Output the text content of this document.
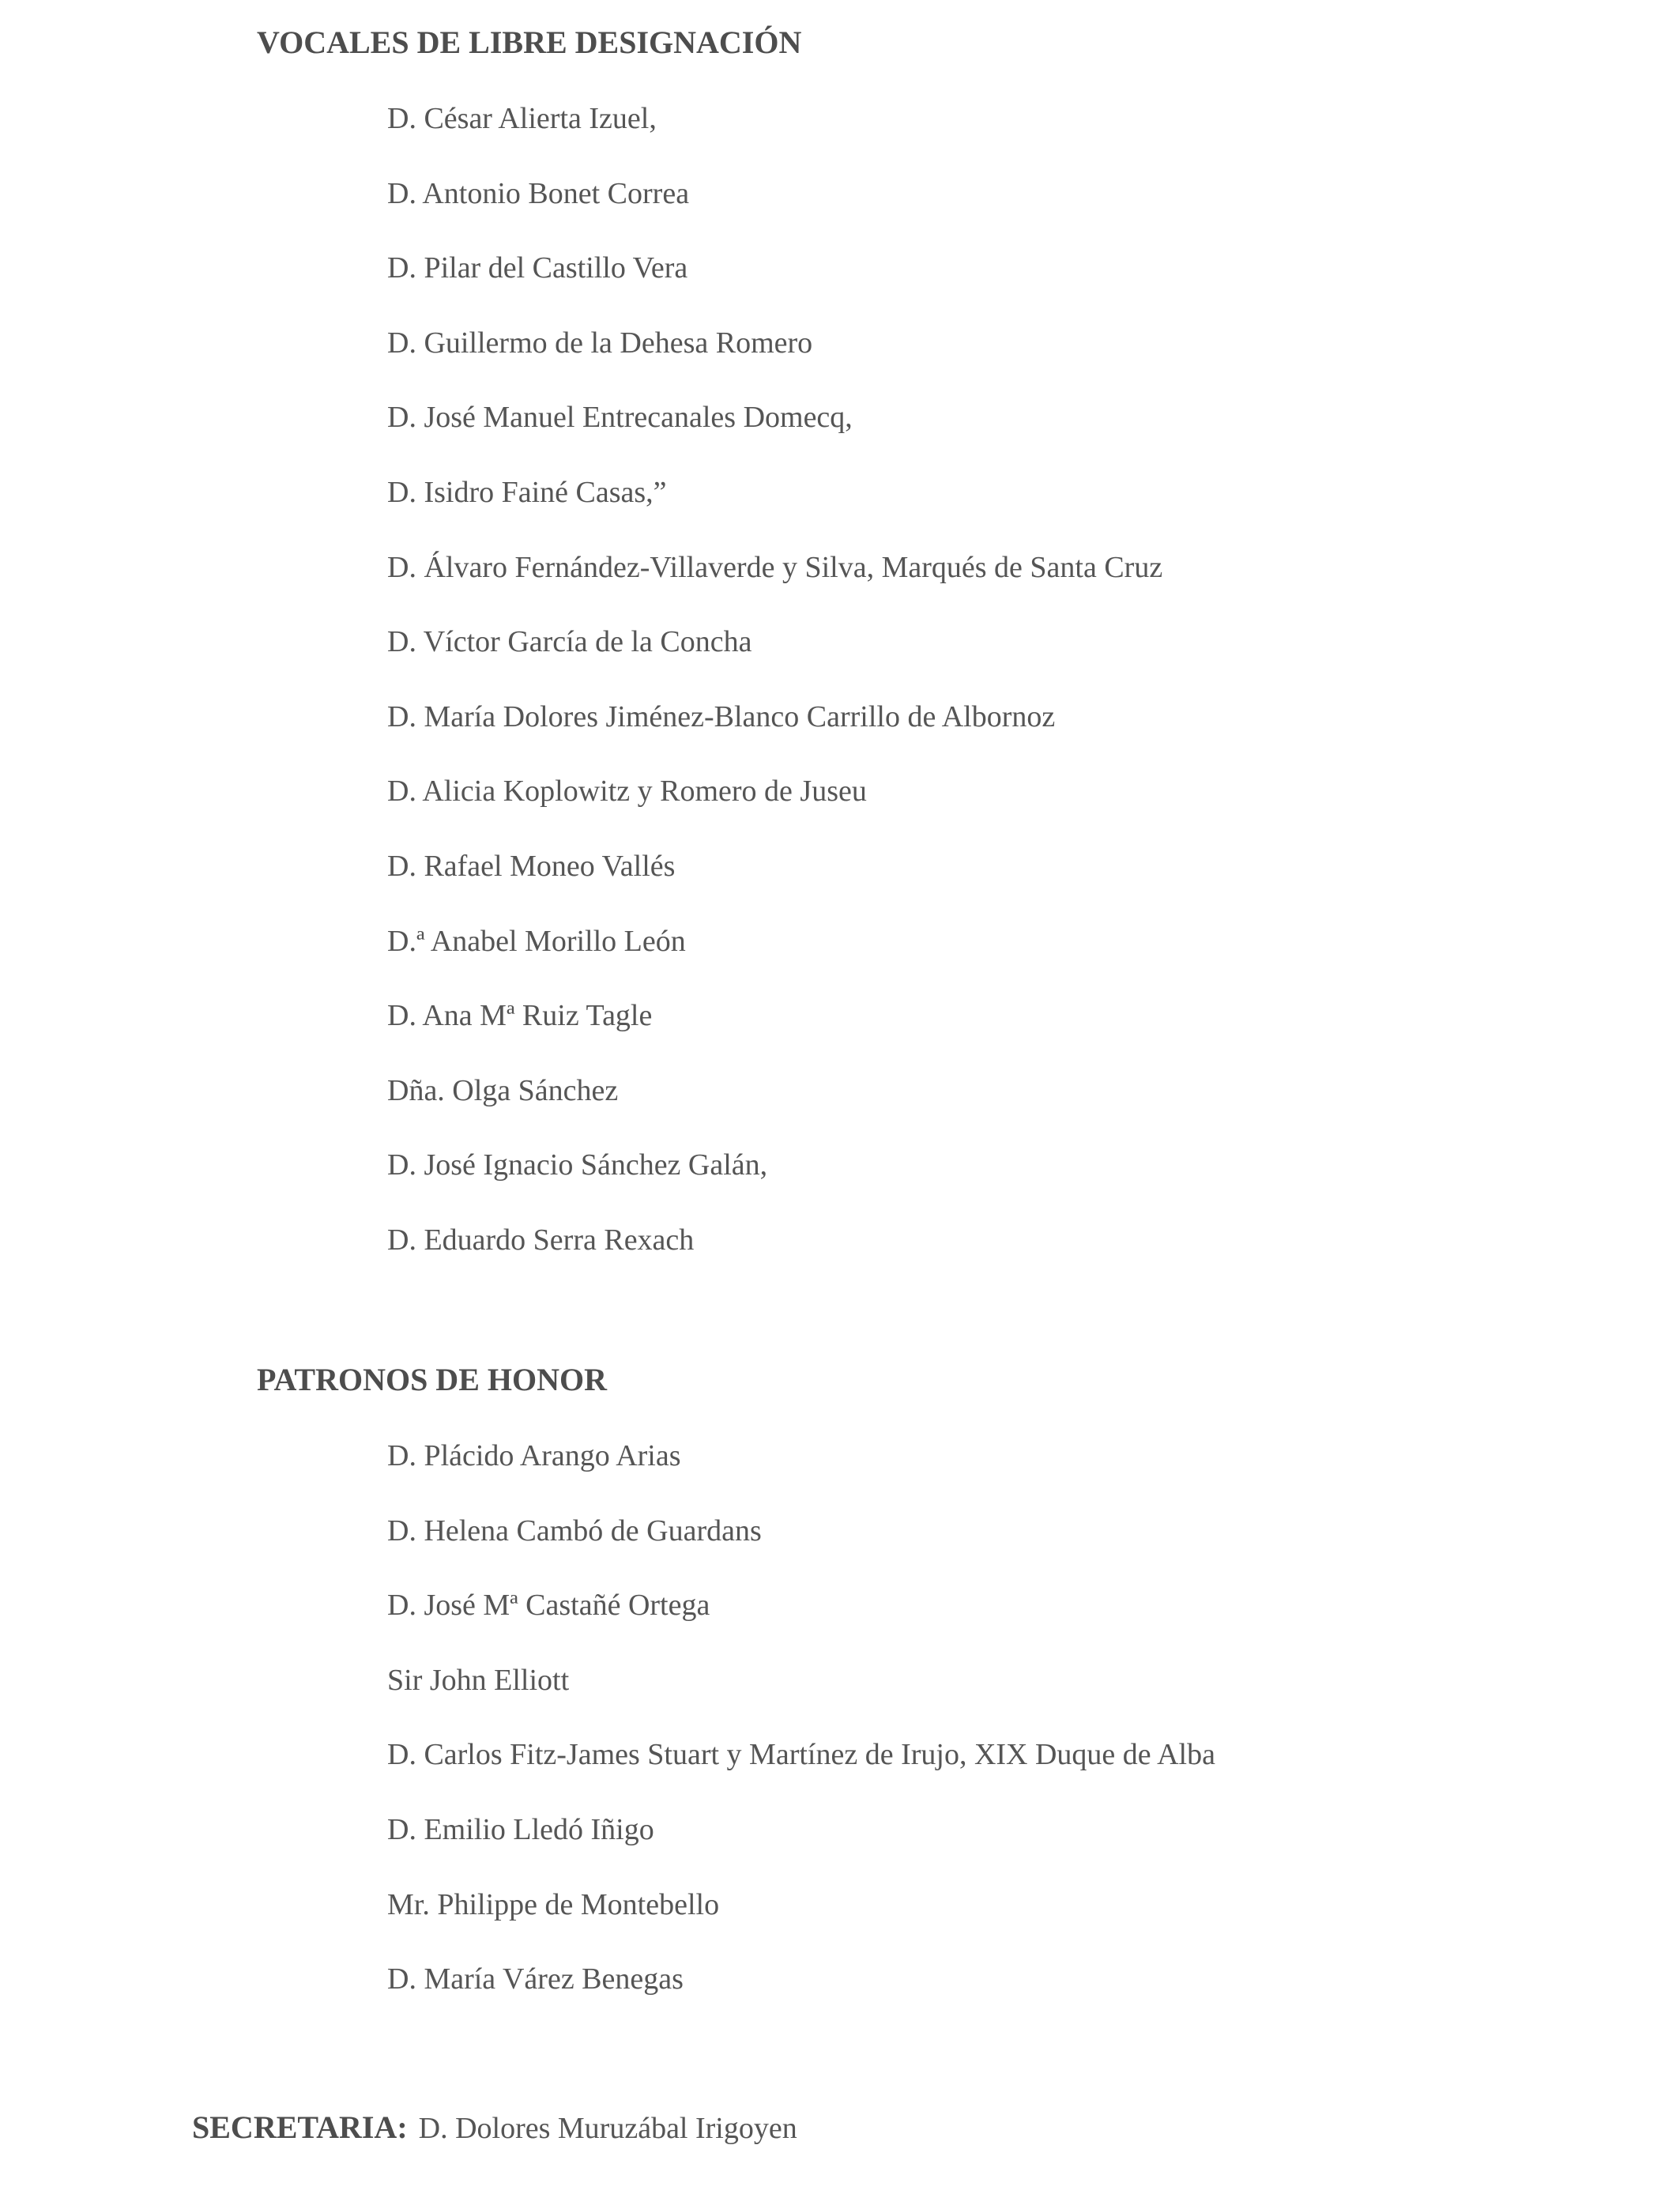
VOCALES DE LIBRE DESIGNACIÓN
D. César Alierta Izuel,
D. Antonio Bonet Correa
D. Pilar del Castillo Vera
D. Guillermo de la Dehesa Romero
D. José Manuel Entrecanales Domecq,
D. Isidro Fainé Casas,”
D. Álvaro Fernández-Villaverde y Silva, Marqués de Santa Cruz
D. Víctor García de la Concha
D. María Dolores Jiménez-Blanco Carrillo de Albornoz
D. Alicia Koplowitz y Romero de Juseu
D. Rafael Moneo Vallés
D.ª Anabel Morillo León
D. Ana Mª Ruiz Tagle
Dña. Olga Sánchez
D. José Ignacio Sánchez Galán,
D. Eduardo Serra Rexach
PATRONOS DE HONOR
D. Plácido Arango Arias
D. Helena Cambó de Guardans
D. José Mª Castañé Ortega
Sir John Elliott
D. Carlos Fitz-James Stuart y Martínez de Irujo, XIX Duque de Alba
D. Emilio Lledó Iñigo
Mr. Philippe de Montebello
D. María Várez Benegas
SECRETARIA: D. Dolores Muruzábal Irigoyen
